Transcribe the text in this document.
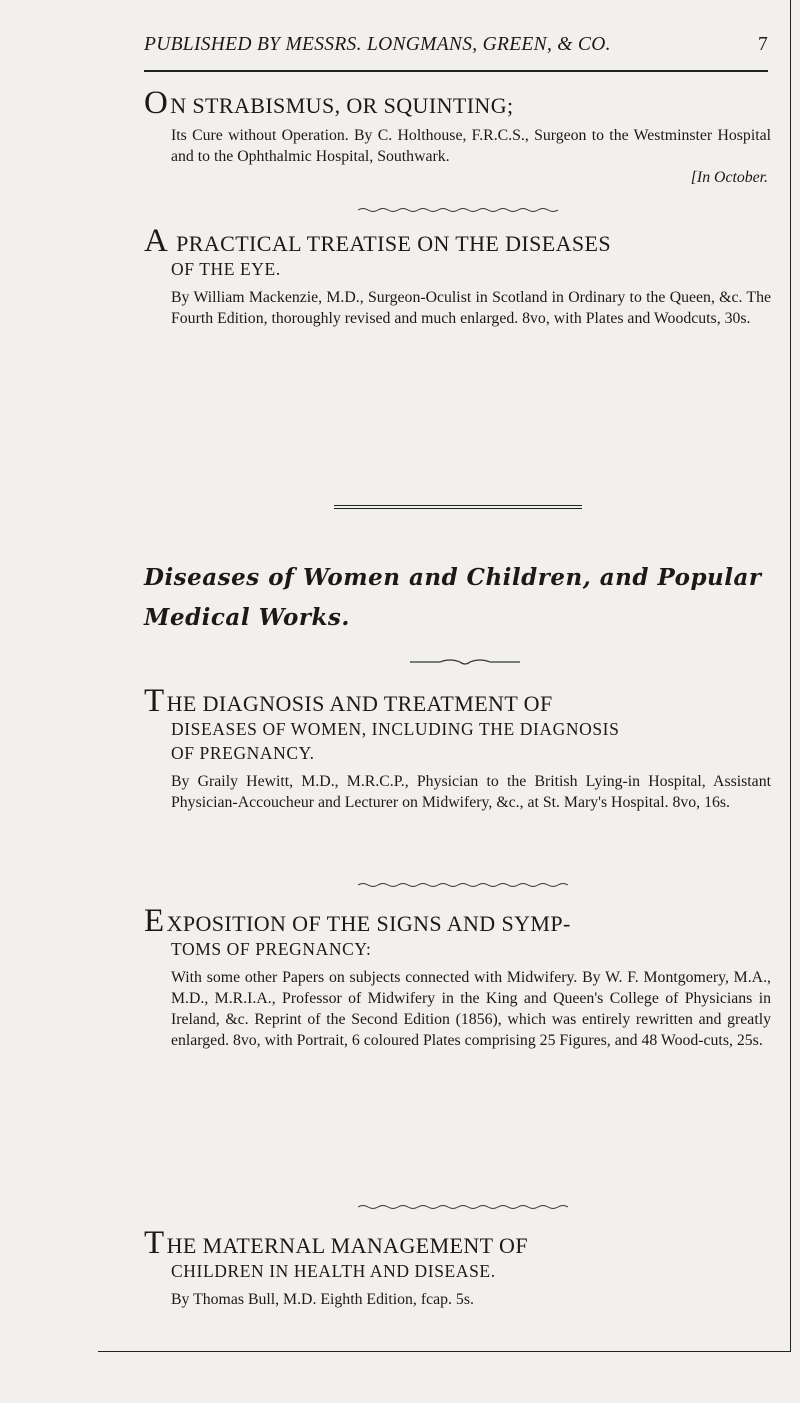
PUBLISHED BY MESSRS. LONGMANS, GREEN, & CO.	7
ON STRABISMUS, OR SQUINTING;
Its Cure without Operation. By C. Holthouse, F.R.C.S., Surgeon to the Westminster Hospital and to the Ophthalmic Hospital, Southwark.
[In October.
A PRACTICAL TREATISE ON THE DISEASES
OF THE EYE.
By William Mackenzie, M.D., Surgeon-Oculist in Scotland in Ordinary to the Queen, &c. The Fourth Edition, thoroughly revised and much enlarged. 8vo, with Plates and Woodcuts, 30s.
Diseases of Women and Children, and Popular
Medical Works.
THE DIAGNOSIS AND TREATMENT OF
DISEASES OF WOMEN, INCLUDING THE DIAGNOSIS
OF PREGNANCY.
By Graily Hewitt, M.D., M.R.C.P., Physician to the British Lying-in Hospital, Assistant Physician-Accoucheur and Lecturer on Midwifery, &c., at St. Mary's Hospital. 8vo, 16s.
EXPOSITION OF THE SIGNS AND SYMP-
TOMS OF PREGNANCY:
With some other Papers on subjects connected with Midwifery. By W. F. Montgomery, M.A., M.D., M.R.I.A., Professor of Midwifery in the King and Queen's College of Physicians in Ireland, &c. Reprint of the Second Edition (1856), which was entirely rewritten and greatly enlarged. 8vo, with Portrait, 6 coloured Plates comprising 25 Figures, and 48 Wood-cuts, 25s.
THE MATERNAL MANAGEMENT OF
CHILDREN IN HEALTH AND DISEASE.
By Thomas Bull, M.D. Eighth Edition, fcap. 5s.
